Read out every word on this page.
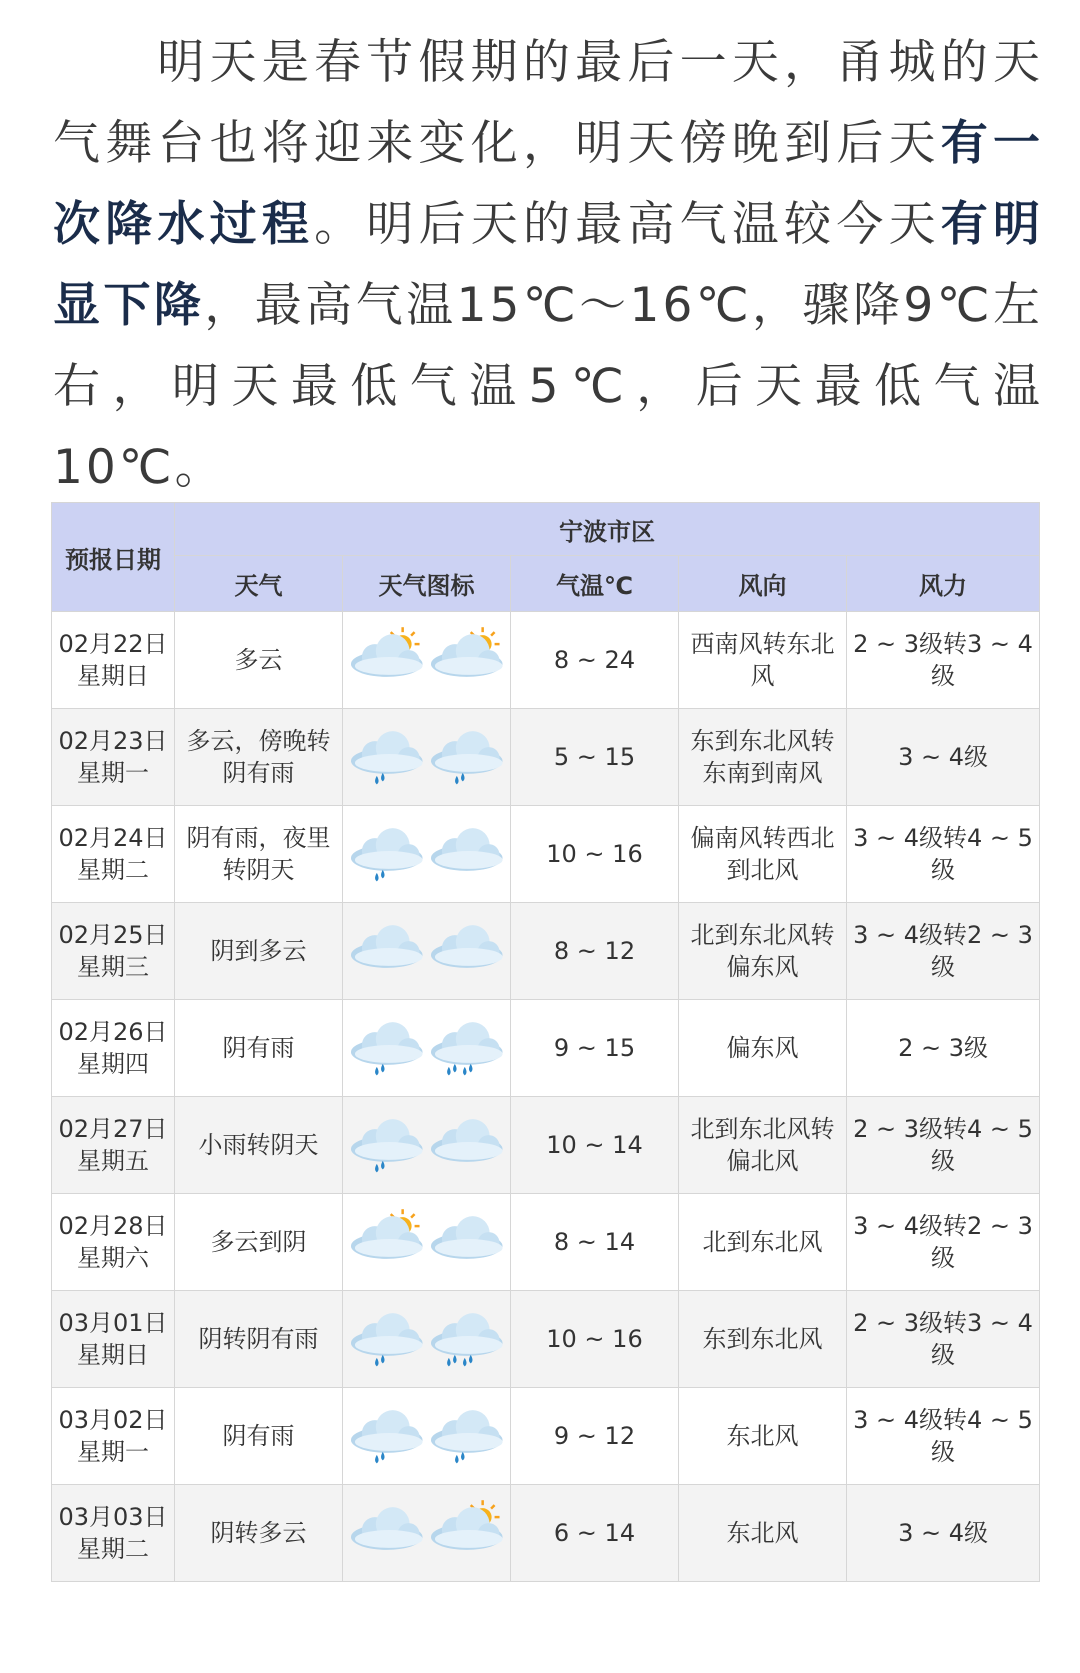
明天是春节假期的最后一天，甬城的天气舞台也将迎来变化，明天傍晚到后天有一次降水过程。明后天的最高气温较今天有明显下降，最高气温15℃～16℃，骤降9℃左右，明天最低气温5℃，后天最低气温10℃。
预报日期	宁波市区				
	天气	天气图标	气温℃	风向	风力

02月22日
星期日	多云		8 ~ 24	西南风转东北风	2 ~ 3级转3 ~ 4级

02月23日
星期一	多云，傍晚转阴有雨		5 ~ 15	东到东北风转东南到南风	3 ~ 4级

02月24日
星期二	阴有雨，夜里转阴天		10 ~ 16	偏南风转西北到北风	3 ~ 4级转4 ~ 5级

02月25日
星期三	阴到多云		8 ~ 12	北到东北风转偏东风	3 ~ 4级转2 ~ 3级

02月26日
星期四	阴有雨		9 ~ 15	偏东风	2 ~ 3级

02月27日
星期五	小雨转阴天		10 ~ 14	北到东北风转偏北风	2 ~ 3级转4 ~ 5级

02月28日
星期六	多云到阴		8 ~ 14	北到东北风	3 ~ 4级转2 ~ 3级

03月01日
星期日	阴转阴有雨		10 ~ 16	东到东北风	2 ~ 3级转3 ~ 4级

03月02日
星期一	阴有雨		9 ~ 12	东北风	3 ~ 4级转4 ~ 5级

03月03日
星期二	阴转多云		6 ~ 14	东北风	3 ~ 4级
